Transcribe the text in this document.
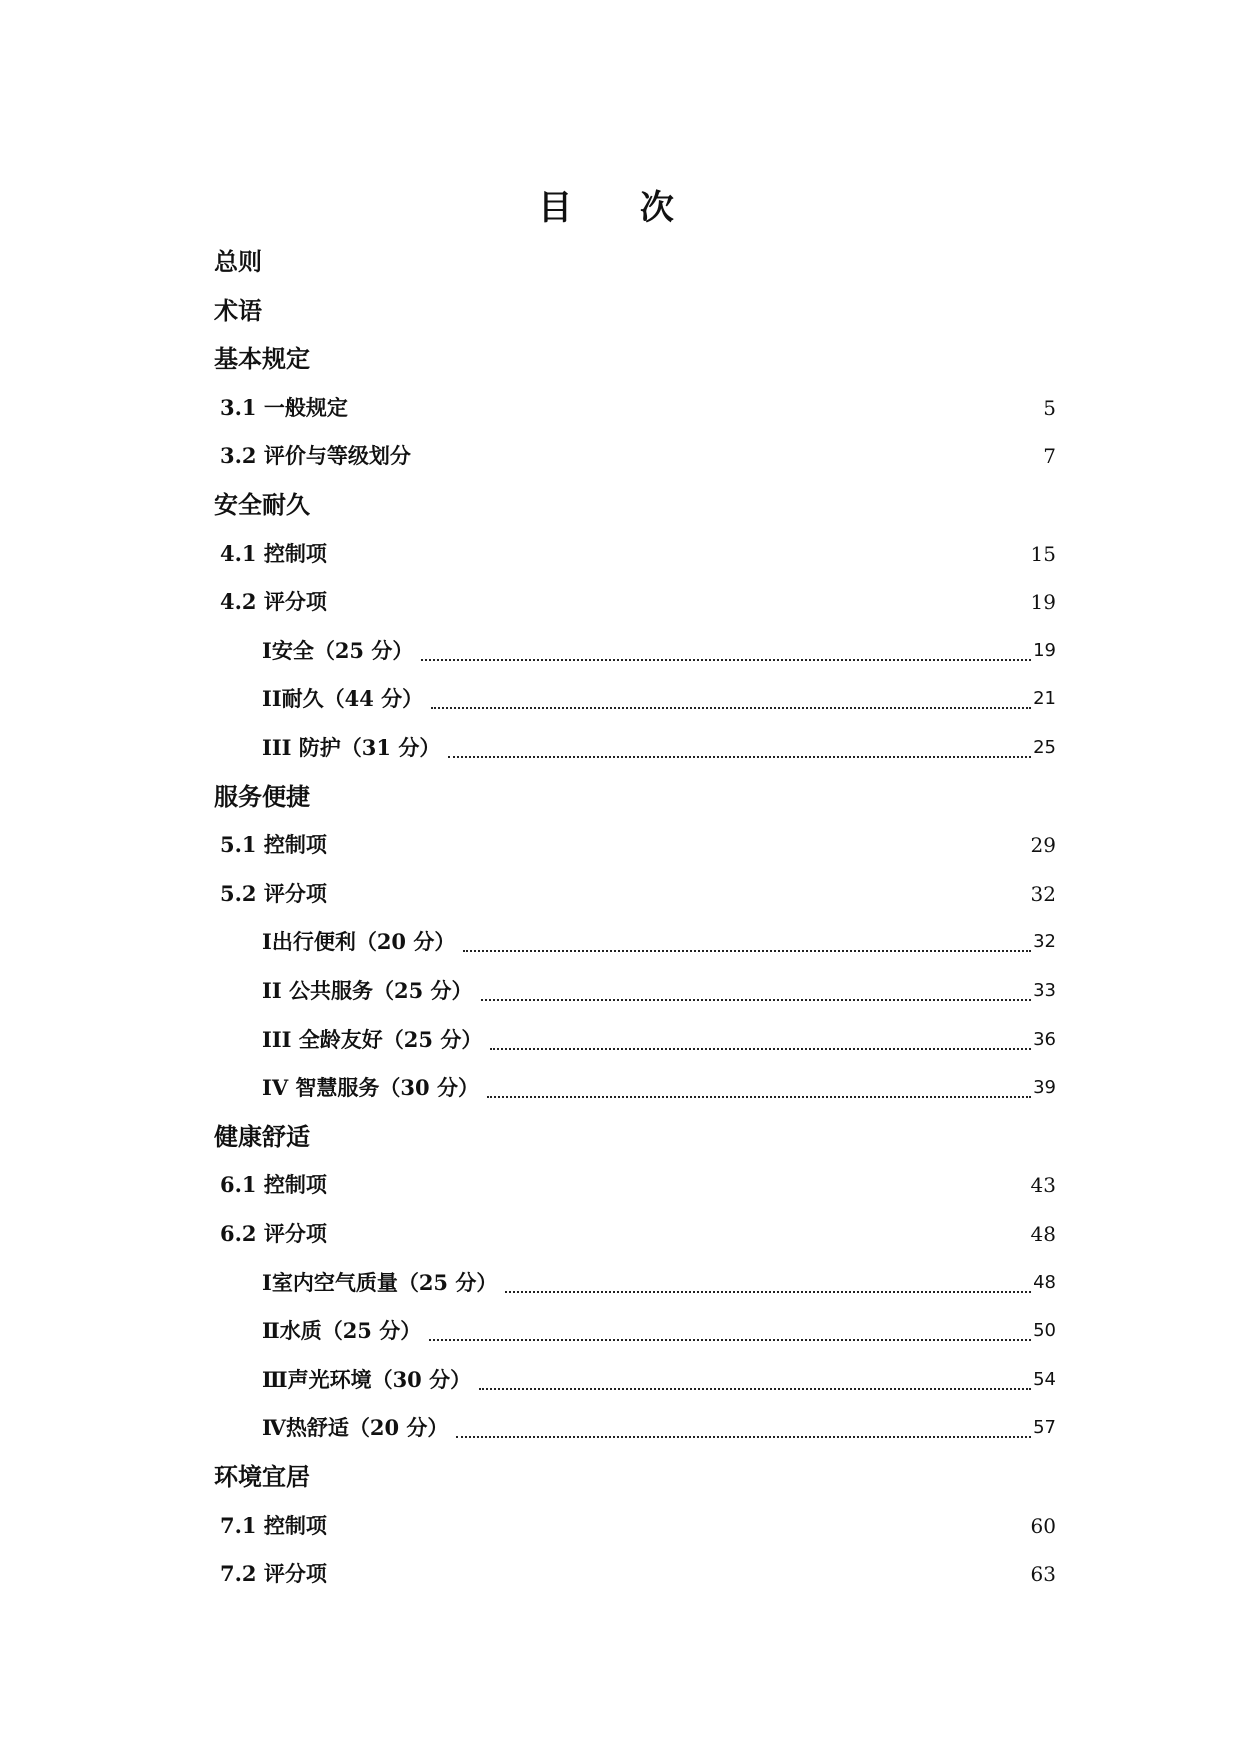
目 次
总则
术语
基本规定
3.1 一般规定	5
3.2 评价与等级划分	7
安全耐久
4.1 控制项	15
4.2 评分项	19
I安全（25 分）	19
II耐久（44 分）	21
III 防护（31 分）	25
服务便捷
5.1 控制项	29
5.2 评分项	32
Ⅰ出行便利（20 分）	32
II 公共服务（25 分）	33
III 全龄友好（25 分）	36
IV 智慧服务（30 分）	39
健康舒适
6.1 控制项	43
6.2 评分项	48
Ⅰ室内空气质量（25 分）	48
Ⅱ水质（25 分）	50
Ⅲ声光环境（30 分）	54
Ⅳ热舒适（20 分）	57
环境宜居
7.1 控制项	60
7.2 评分项	63
